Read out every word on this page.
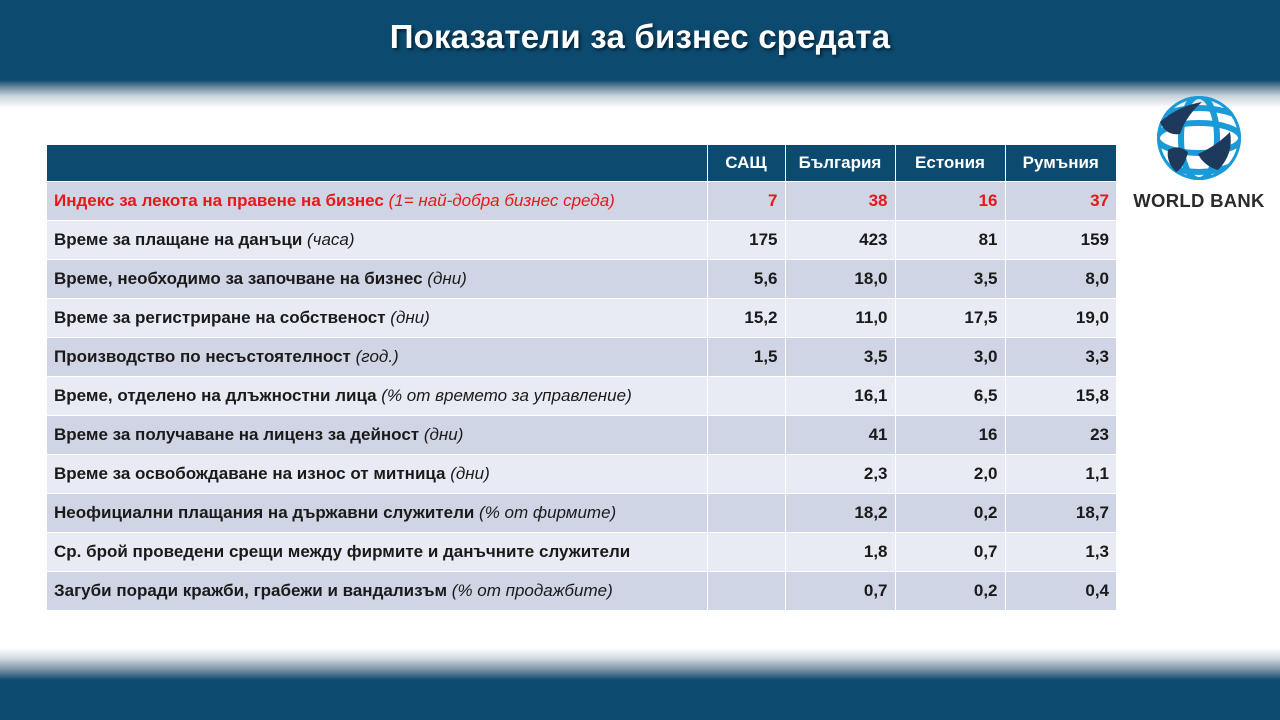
Показатели за бизнес средата
WORLD BANK
	САЩ	България	Естония	Румъния
Индекс за лекота на правене на бизнес (1= най-добра бизнес среда)	7	38	16	37
Време за плащане на данъци (часа)	175	423	81	159
Време, необходимо за започване на бизнес (дни)	5,6	18,0	3,5	8,0
Време за регистриране на собственост (дни)	15,2	11,0	17,5	19,0
Производство по несъстоятелност (год.)	1,5	3,5	3,0	3,3
Време, отделено на длъжностни лица (% от времето за управление)		16,1	6,5	15,8
Време за получаване на лиценз за дейност (дни)		41	16	23
Време за освобождаване на износ от митница (дни)		2,3	2,0	1,1
Неофициални плащания на държавни служители (% от фирмите)		18,2	0,2	18,7
Ср. брой проведени срещи между фирмите и данъчните служители		1,8	0,7	1,3
Загуби поради кражби, грабежи и вандализъм (% от продажбите)		0,7	0,2	0,4
